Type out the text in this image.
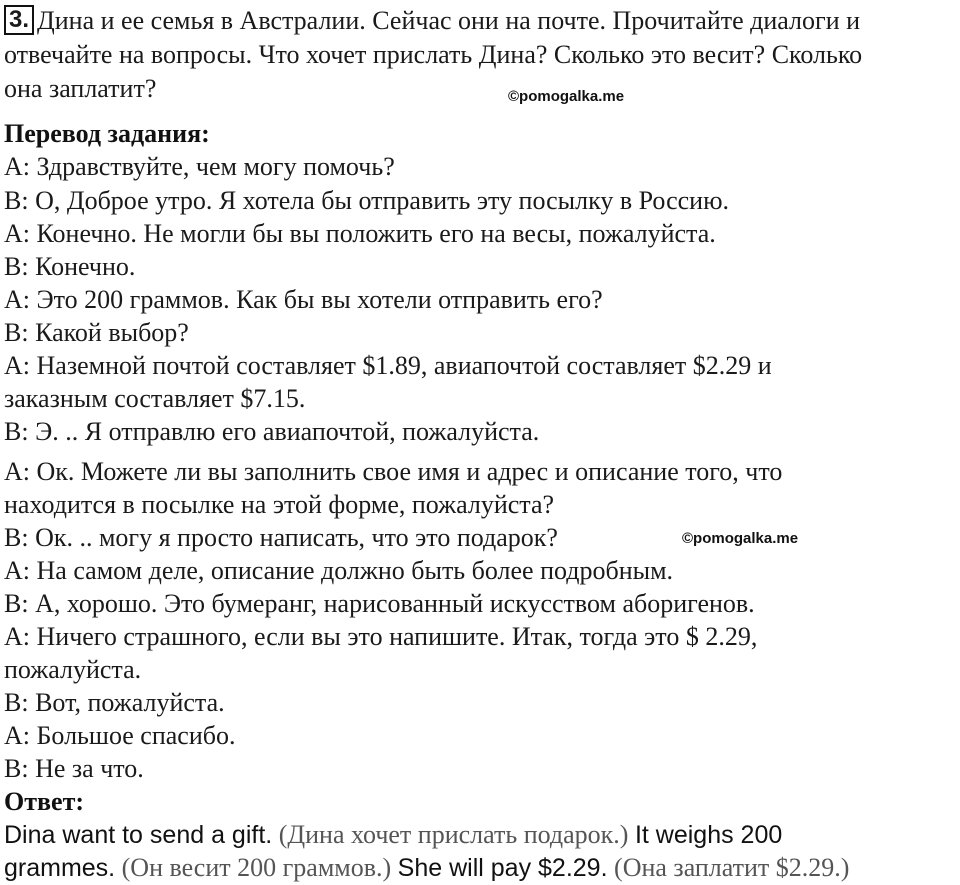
3. Дина и ее семья в Австралии. Сейчас они на почте. Прочитайте диалоги и
отвечайте на вопросы. Что хочет прислать Дина? Сколько это весит? Сколько
она заплатит?	©pomogalka.me
Перевод задания:
А: Здравствуйте, чем могу помочь?
В: О, Доброе утро. Я хотела бы отправить эту посылку в Россию.
А: Конечно. Не могли бы вы положить его на весы, пожалуйста.
В: Конечно.
А: Это 200 граммов. Как бы вы хотели отправить его?
В: Какой выбор?
А: Наземной почтой составляет $1.89, авиапочтой составляет $2.29 и
заказным составляет $7.15.
В: Э. .. Я отправлю его авиапочтой, пожалуйста.
А: Ок. Можете ли вы заполнить свое имя и адрес и описание того, что
находится в посылке на этой форме, пожалуйста?
В: Ок. .. могу я просто написать, что это подарок?	©pomogalka.me
А: На самом деле, описание должно быть более подробным.
В: А, хорошо. Это бумеранг, нарисованный искусством аборигенов.
А: Ничего страшного, если вы это напишите. Итак, тогда это $ 2.29,
пожалуйста.
В: Вот, пожалуйста.
А: Большое спасибо.
В: Не за что.
Ответ:
Dina want to send a gift. (Дина хочет прислать подарок.) It weighs 200
grammes. (Он весит 200 граммов.) She will pay $2.29. (Она заплатит $2.29.)
